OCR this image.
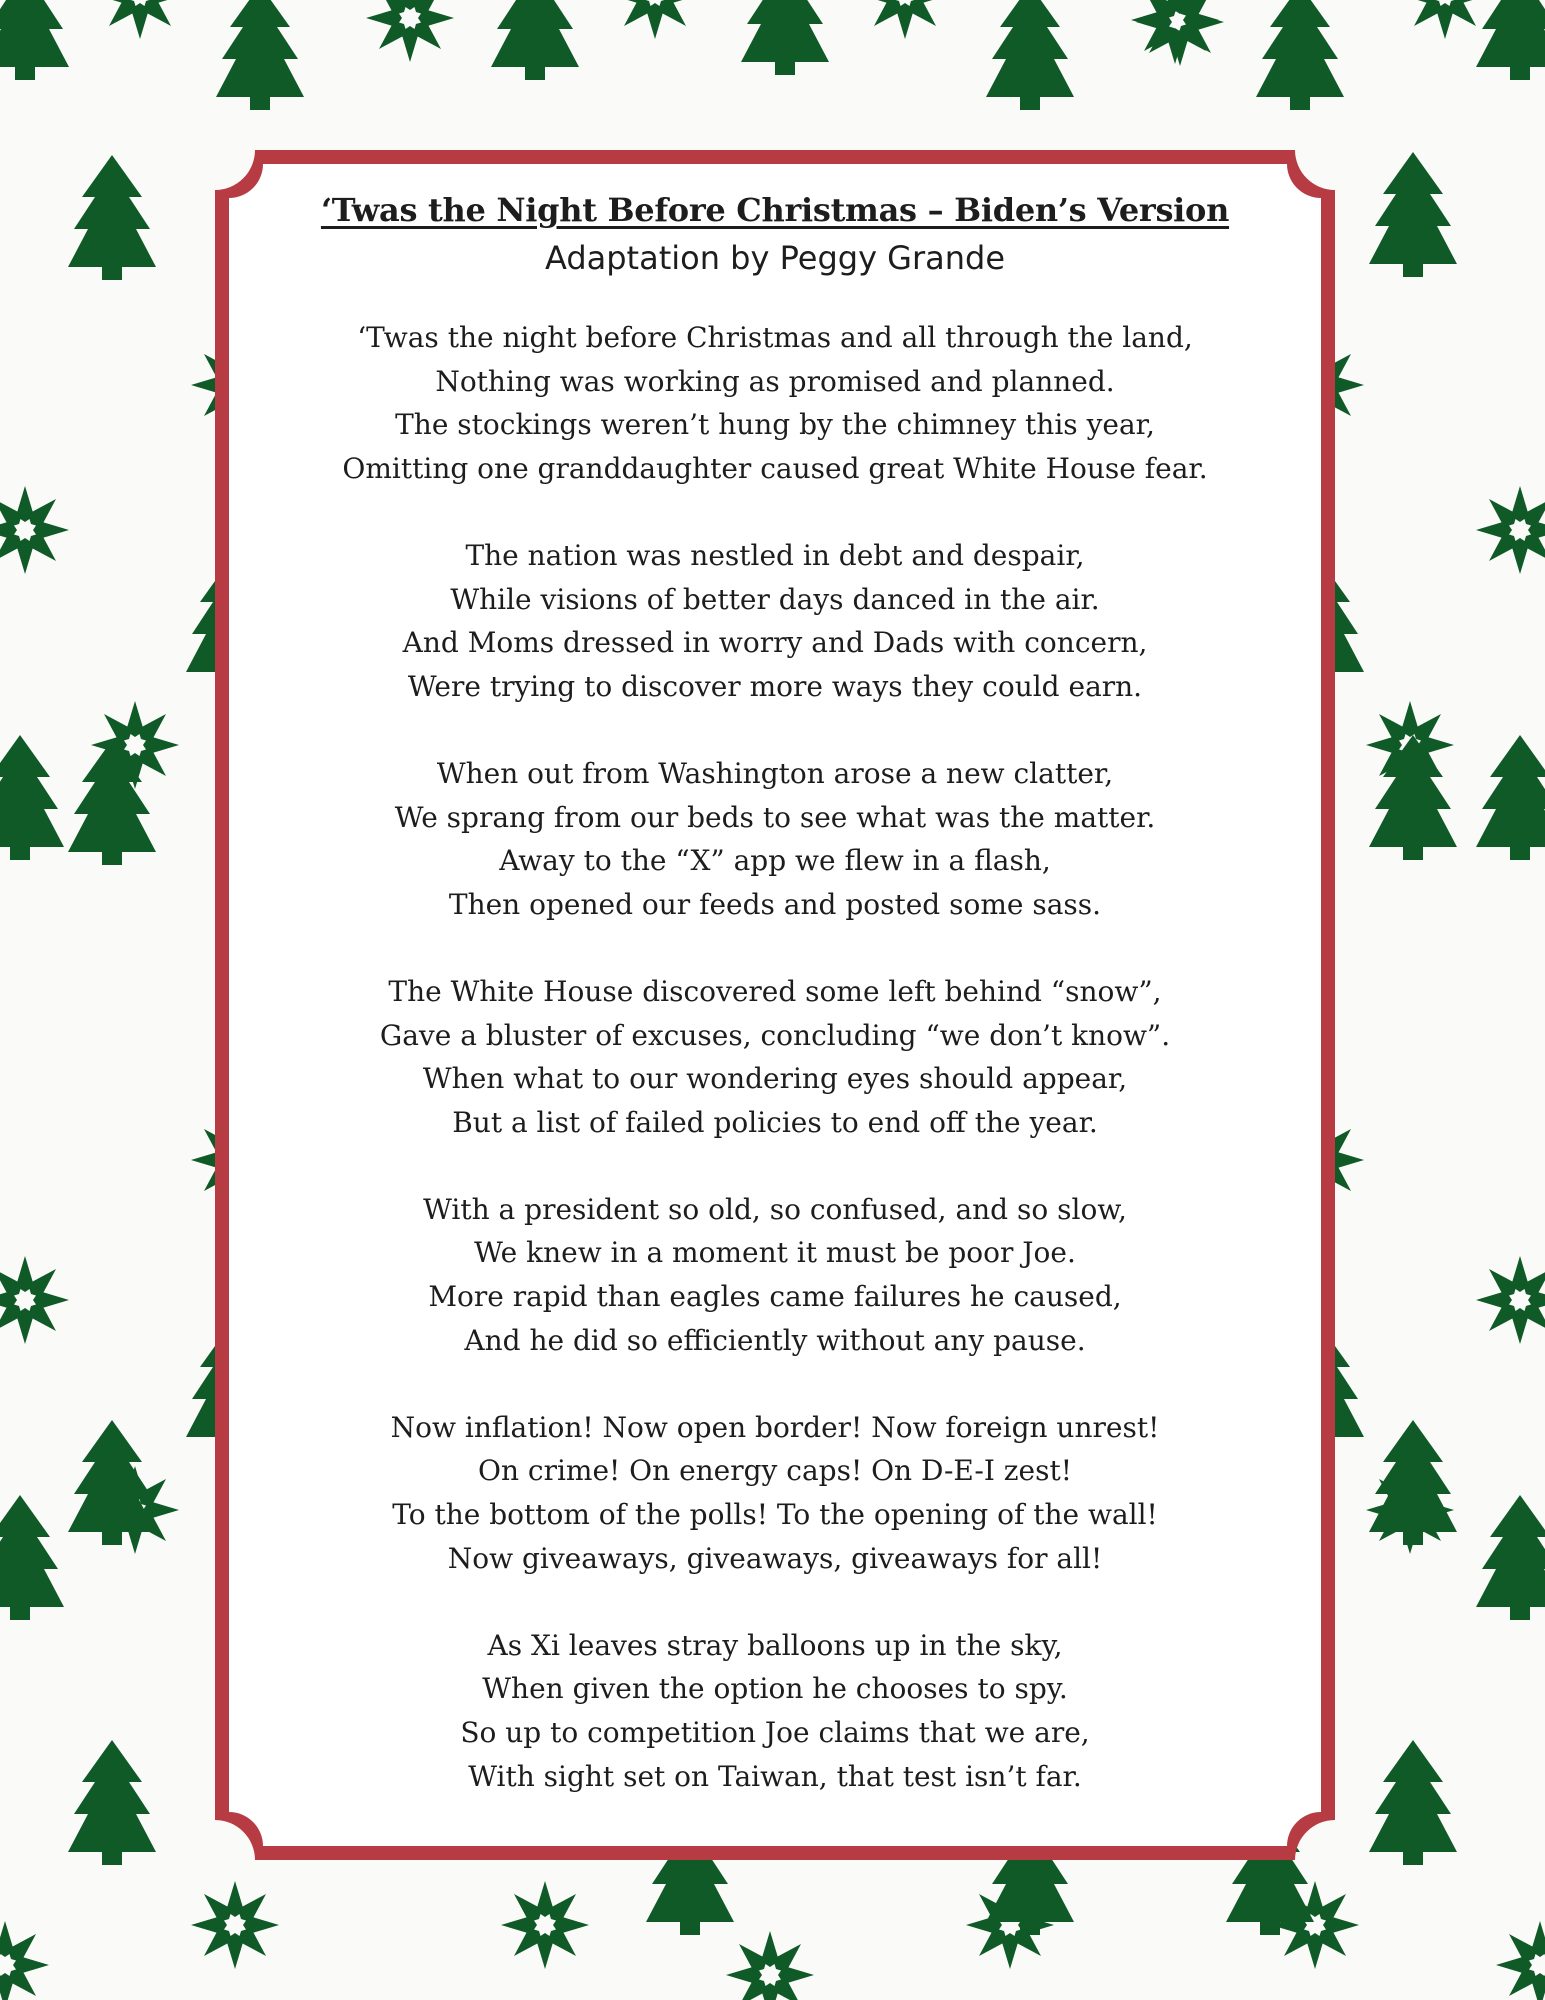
‘Twas the Night Before Christmas – Biden’s Version
Adaptation by Peggy Grande

‘Twas the night before Christmas and all through the land,

Nothing was working as promised and planned.

The stockings weren’t hung by the chimney this year,

Omitting one granddaughter caused great White House fear.

The nation was nestled in debt and despair,

While visions of better days danced in the air.

And Moms dressed in worry and Dads with concern,

Were trying to discover more ways they could earn.

When out from Washington arose a new clatter,

We sprang from our beds to see what was the matter.

Away to the “X” app we flew in a flash,

Then opened our feeds and posted some sass.

The White House discovered some left behind “snow”,

Gave a bluster of excuses, concluding “we don’t know”.

When what to our wondering eyes should appear,

But a list of failed policies to end off the year.

With a president so old, so confused, and so slow,

We knew in a moment it must be poor Joe.

More rapid than eagles came failures he caused,

And he did so efficiently without any pause.

Now inflation! Now open border! Now foreign unrest!

On crime! On energy caps! On D-E-I zest!

To the bottom of the polls! To the opening of the wall!

Now giveaways, giveaways, giveaways for all!

As Xi leaves stray balloons up in the sky,

When given the option he chooses to spy.

So up to competition Joe claims that we are,

With sight set on Taiwan, that test isn’t far.
